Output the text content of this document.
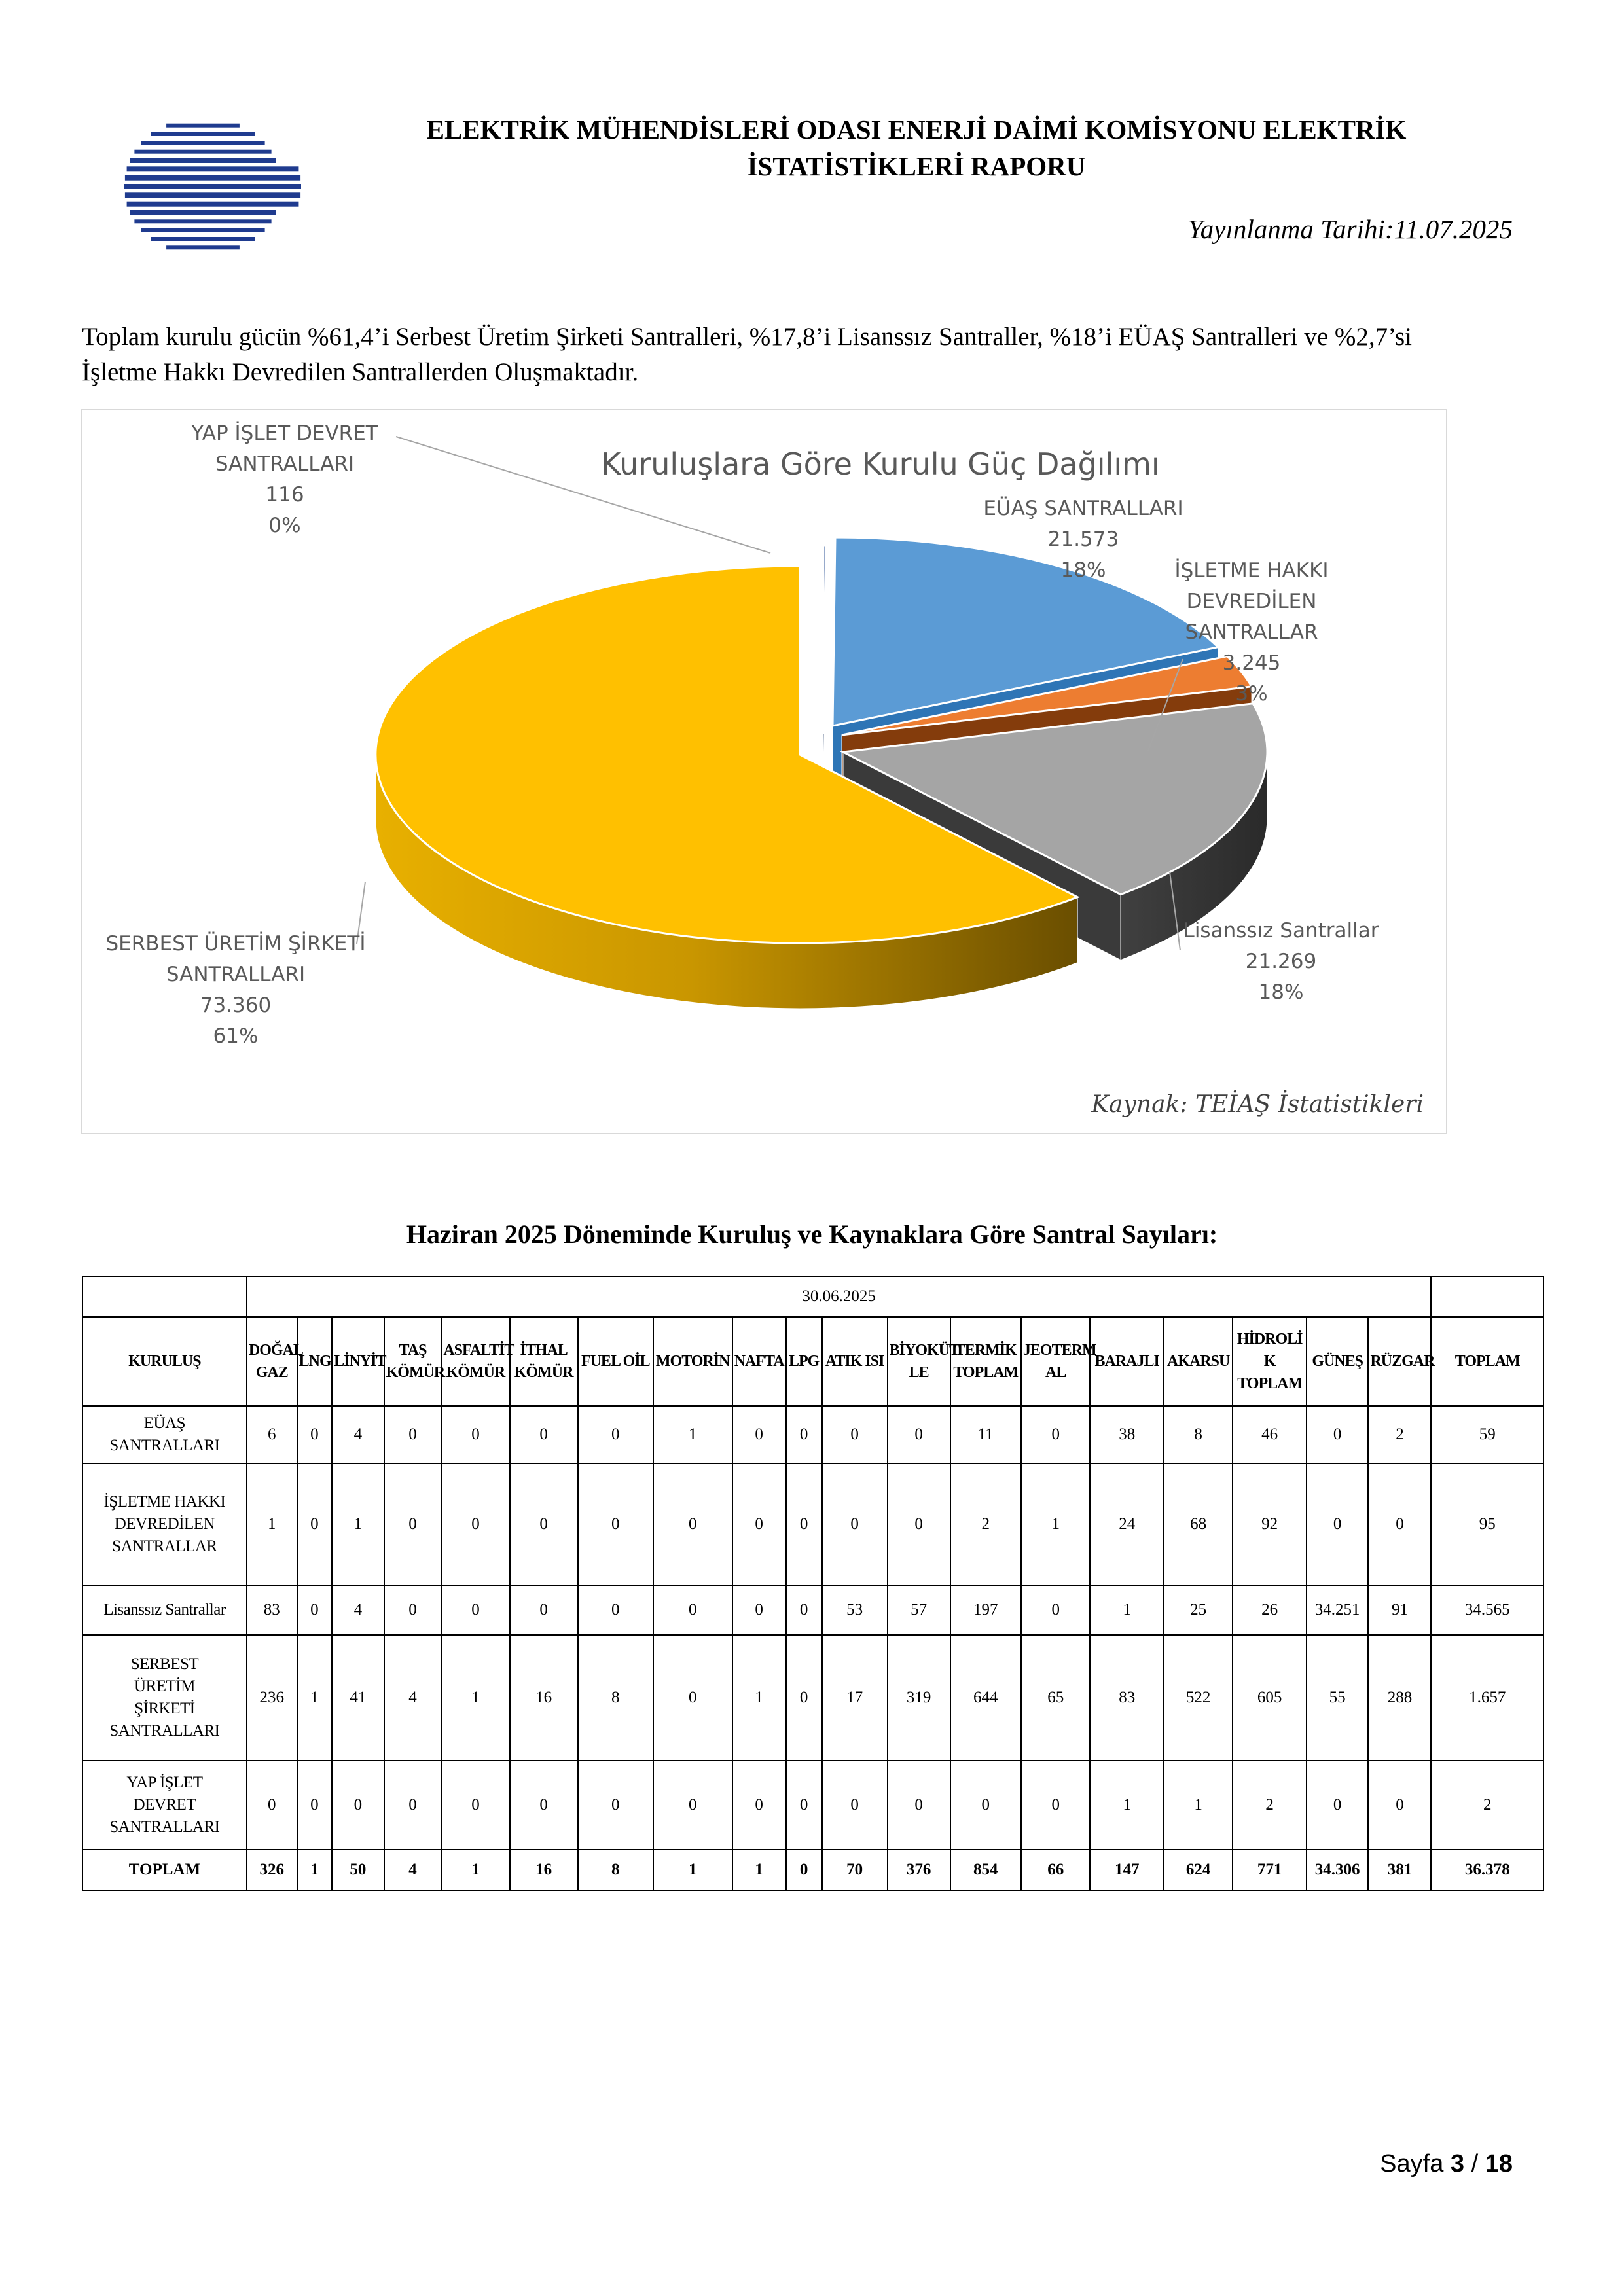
ELEKTRİK MÜHENDİSLERİ ODASI ENERJİ DAİMİ KOMİSYONU ELEKTRİK
İSTATİSTİKLERİ RAPORU
Yayınlanma Tarihi:11.07.2025
Toplam kurulu gücün %61,4’i Serbest Üretim Şirketi Santralleri, %17,8’i Lisanssız Santraller, %18’i EÜAŞ Santralleri ve %2,7’si
İşletme Hakkı Devredilen Santrallerden Oluşmaktadır.
Kuruluşlara Göre Kurulu Güç Dağılımı
Kaynak: TEİAŞ İstatistikleri
YAP İŞLET DEVRET
SANTRALLARI
116
0%
EÜAŞ SANTRALLARI
21.573
18%	İŞLETME HAKKI
DEVREDİLEN
SANTRALLAR
3.245
3%
Lisanssız Santrallar
21.269
18%
SERBEST ÜRETİM ŞİRKETİ
SANTRALLARI
73.360
61%
Haziran 2025 Döneminde Kuruluş ve Kaynaklara Göre Santral Sayıları:
	30.06.2025																			
KURULUŞ	DOĞAL
GAZ	LNG	LİNYİT	TAŞ
KÖMÜR	ASFALTİT
KÖMÜR	İTHAL
KÖMÜR	FUEL OİL	MOTORİN	NAFTA	LPG	ATIK ISI	BİYOKÜT
LE	TERMİK
TOPLAM	JEOTERM
AL	BARAJLI	AKARSU	HİDROLİ
K
TOPLAM	GÜNEŞ	RÜZGAR	TOPLAM
EÜAŞ
SANTRALLARI	6	0	4	0	0	0	0	1	0	0	0	0	11	0	38	8	46	0	2	59
İŞLETME HAKKI
DEVREDİLEN
SANTRALLAR	1	0	1	0	0	0	0	0	0	0	0	0	2	1	24	68	92	0	0	95
Lisanssız Santrallar	83	0	4	0	0	0	0	0	0	0	53	57	197	0	1	25	26	34.251	91	34.565
SERBEST
ÜRETİM
ŞİRKETİ
SANTRALLARI	236	1	41	4	1	16	8	0	1	0	17	319	644	65	83	522	605	55	288	1.657
YAP İŞLET
DEVRET
SANTRALLARI	0	0	0	0	0	0	0	0	0	0	0	0	0	0	1	1	2	0	0	2
TOPLAM	326	1	50	4	1	16	8	1	1	0	70	376	854	66	147	624	771	34.306	381	36.378
Sayfa 3 / 18
